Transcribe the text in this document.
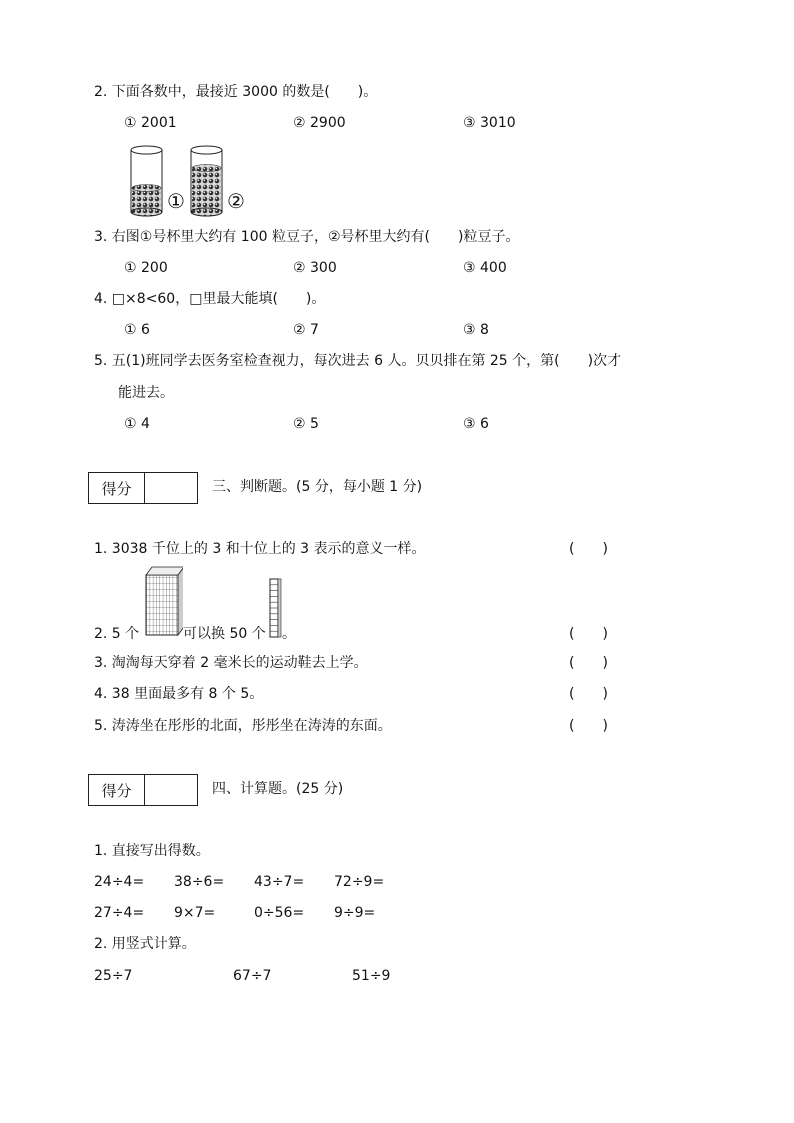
2. 下面各数中，最接近 3000 的数是(　　)。
① 2001	② 2900	③ 3010
① ②
3. 右图①号杯里大约有 100 粒豆子，②号杯里大约有(　　)粒豆子。
① 200	② 300	③ 400
4. □×8<60，□里最大能填(　　)。
① 6	② 7	③ 8
5. 五(1)班同学去医务室检查视力，每次进去 6 人。贝贝排在第 25 个，第(　　)次才
能进去。
① 4	② 5	③ 6
得分	三、判断题。(5 分，每小题 1 分)
1. 3038 千位上的 3 和十位上的 3 表示的意义一样。	(　　)
2. 5 个	可以换 50 个 。	(　　)
3. 淘淘每天穿着 2 毫米长的运动鞋去上学。	(　　)
4. 38 里面最多有 8 个 5。	(　　)
5. 涛涛坐在彤彤的北面，彤彤坐在涛涛的东面。	(　　)
得分	四、计算题。(25 分)
1. 直接写出得数。
24÷4= 38÷6= 43÷7= 72÷9=
27÷4= 9×7=	0÷56= 9÷9=
2. 用竖式计算。
25÷7	67÷7	51÷9
